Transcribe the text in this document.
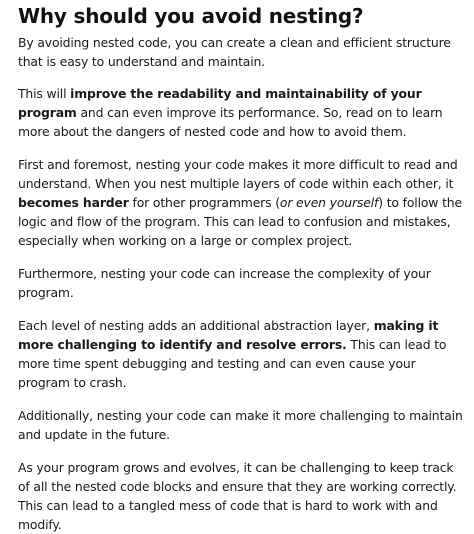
Why should you avoid nesting?

By avoiding nested code, you can create a clean and efficient structure that is easy to understand and maintain.

This will improve the readability and maintainability of your program and can even improve its performance. So, read on to learn more about the dangers of nested code and how to avoid them.

First and foremost, nesting your code makes it more difficult to read and understand. When you nest multiple layers of code within each other, it becomes harder for other programmers (or even yourself) to follow the logic and flow of the program. This can lead to confusion and mistakes, especially when working on a large or complex project.

Furthermore, nesting your code can increase the complexity of your program.

Each level of nesting adds an additional abstraction layer, making it more challenging to identify and resolve errors. This can lead to more time spent debugging and testing and can even cause your program to crash.

Additionally, nesting your code can make it more challenging to maintain and update in the future.

As your program grows and evolves, it can be challenging to keep track of all the nested code blocks and ensure that they are working correctly. This can lead to a tangled mess of code that is hard to work with and modify.
